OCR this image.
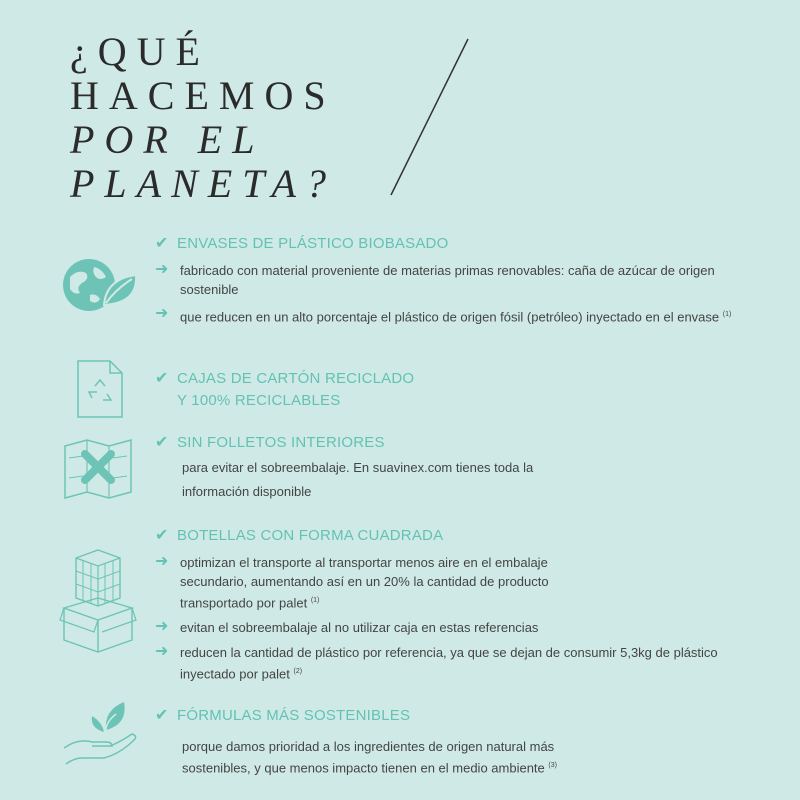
¿QUÉ
HACEMOS
POR EL
PLANETA?
✔ ENVASES DE PLÁSTICO BIOBASADO
➜ fabricado con material proveniente de materias primas renovables: caña de azúcar de origen sostenible
➜ que reducen en un alto porcentaje el plástico de origen fósil (petróleo) inyectado en el envase $^{(1)}$
✔ CAJAS DE CARTÓN RECICLADO
Y 100% RECICLABLES
✔ SIN FOLLETOS INTERIORES
para evitar el sobreembalaje. En suavinex.com tienes toda la información disponible
✔ BOTELLAS CON FORMA CUADRADA
➜ optimizan el transporte al transportar menos aire en el embalaje secundario, aumentando así en un 20% la cantidad de producto transportado por palet $^{(1)}$
➜ evitan el sobreembalaje al no utilizar caja en estas referencias
➜ reducen la cantidad de plástico por referencia, ya que se dejan de consumir 5,3kg de plástico inyectado por palet $^{(2)}$
✔ FÓRMULAS MÁS SOSTENIBLES
porque damos prioridad a los ingredientes de origen natural más sostenibles, y que menos impacto tienen en el medio ambiente $^{(3)}$
